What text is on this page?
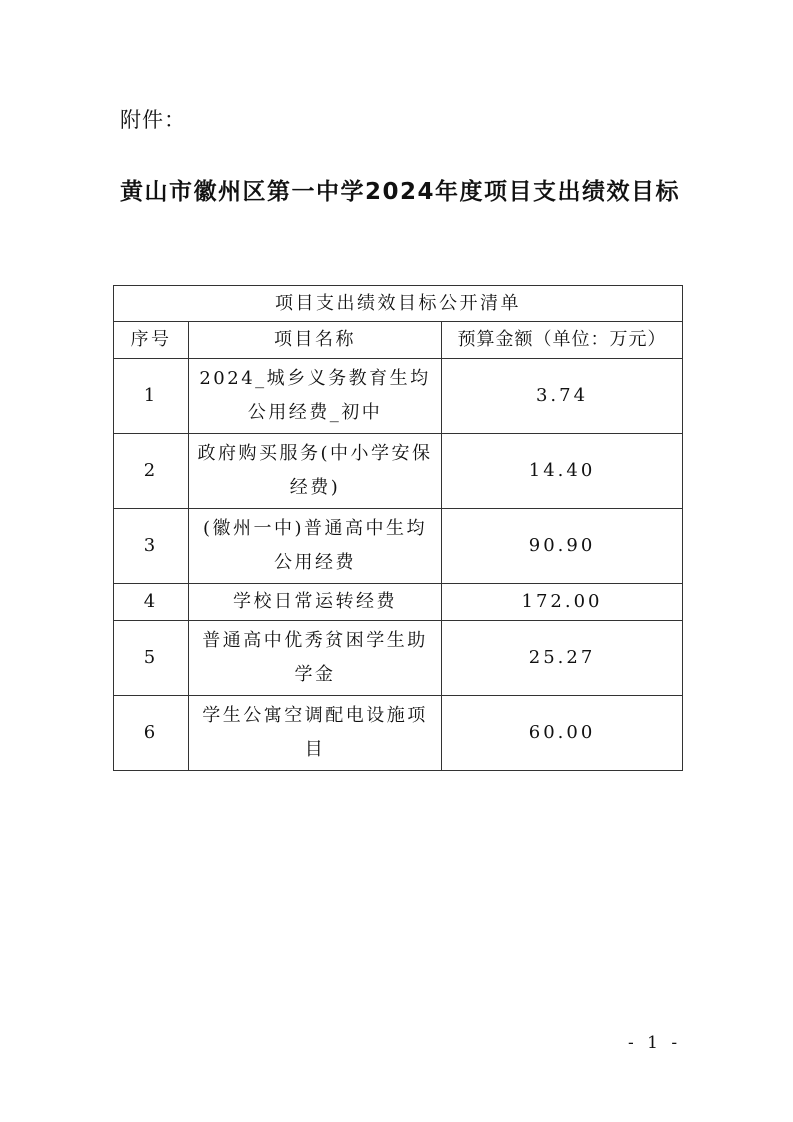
附件：
黄山市徽州区第一中学2024年度项目支出绩效目标
项目支出绩效目标公开清单		
序号	项目名称	预算金额（单位：万元）
1	2024_城乡义务教育生均公用经费_初中	3.74
2	政府购买服务(中小学安保经费)	14.40
3	(徽州一中)普通高中生均公用经费	90.90
4	学校日常运转经费	172.00
5	普通高中优秀贫困学生助学金	25.27
6	学生公寓空调配电设施项目	60.00
- 1 -
